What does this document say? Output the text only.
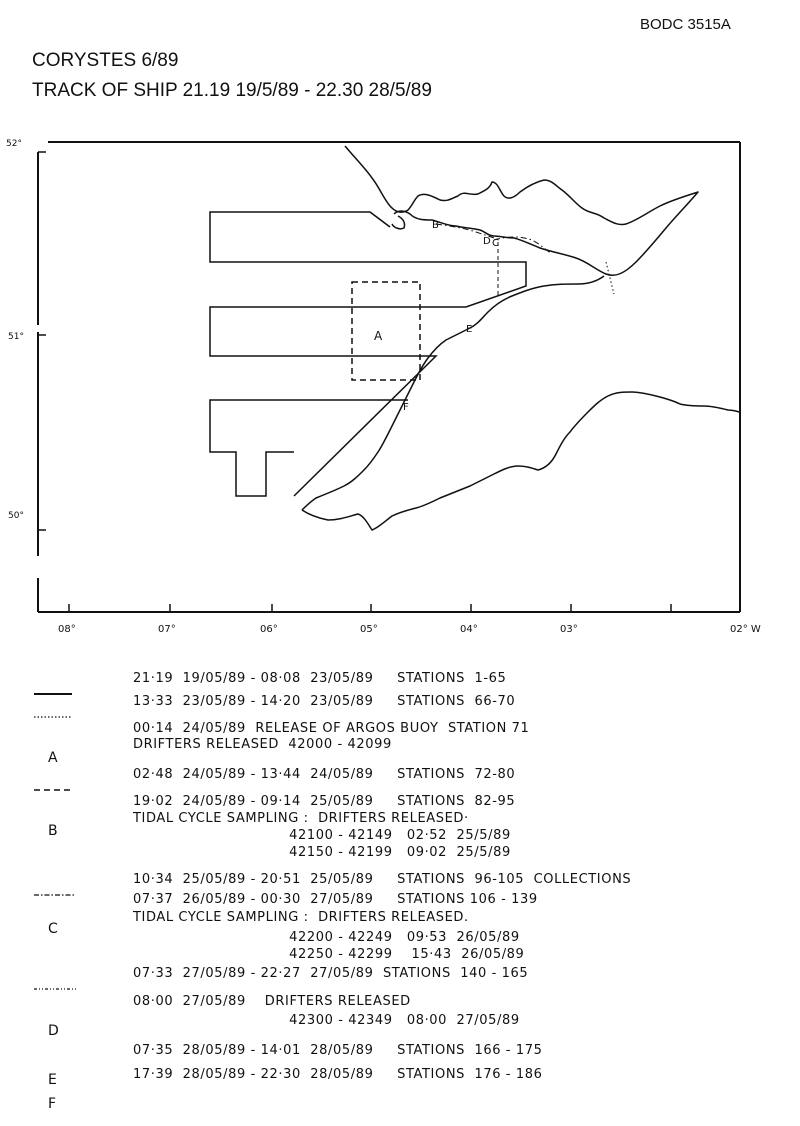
BODC 3515A
CORYSTES 6/89
TRACK OF SHIP 21.19 19/5/89 - 22.30 28/5/89
52°
51°
50°
08°	07°	06°	05°	04°	03°	02° W
B
C
D
E
F
A

21·19  19/05/89 - 08·08  23/05/89     STATIONS  1-65

13·33  23/05/89 - 14·20  23/05/89     STATIONS  66-70

A

00·14  24/05/89  RELEASE OF ARGOS BUOY  STATION 71

DRIFTERS RELEASED  42000 - 42099

02·48  24/05/89 - 13·44  24/05/89     STATIONS  72-80

B

19·02  24/05/89 - 09·14  25/05/89     STATIONS  82-95

TIDAL CYCLE SAMPLING :  DRIFTERS RELEASED·

42100 - 42149   02·52  25/5/89

42150 - 42199   09·02  25/5/89

10·34  25/05/89 - 20·51  25/05/89     STATIONS  96-105  COLLECTIONS

C

07·37  26/05/89 - 00·30  27/05/89     STATIONS 106 - 139

TIDAL CYCLE SAMPLING :  DRIFTERS RELEASED.

42200 - 42249   09·53  26/05/89

42250 - 42299    15·43  26/05/89

07·33  27/05/89 - 22·27  27/05/89  STATIONS  140 - 165

D

08·00  27/05/89    DRIFTERS RELEASED

42300 - 42349   08·00  27/05/89

E

07·35  28/05/89 - 14·01  28/05/89     STATIONS  166 - 175

F

17·39  28/05/89 - 22·30  28/05/89     STATIONS  176 - 186
